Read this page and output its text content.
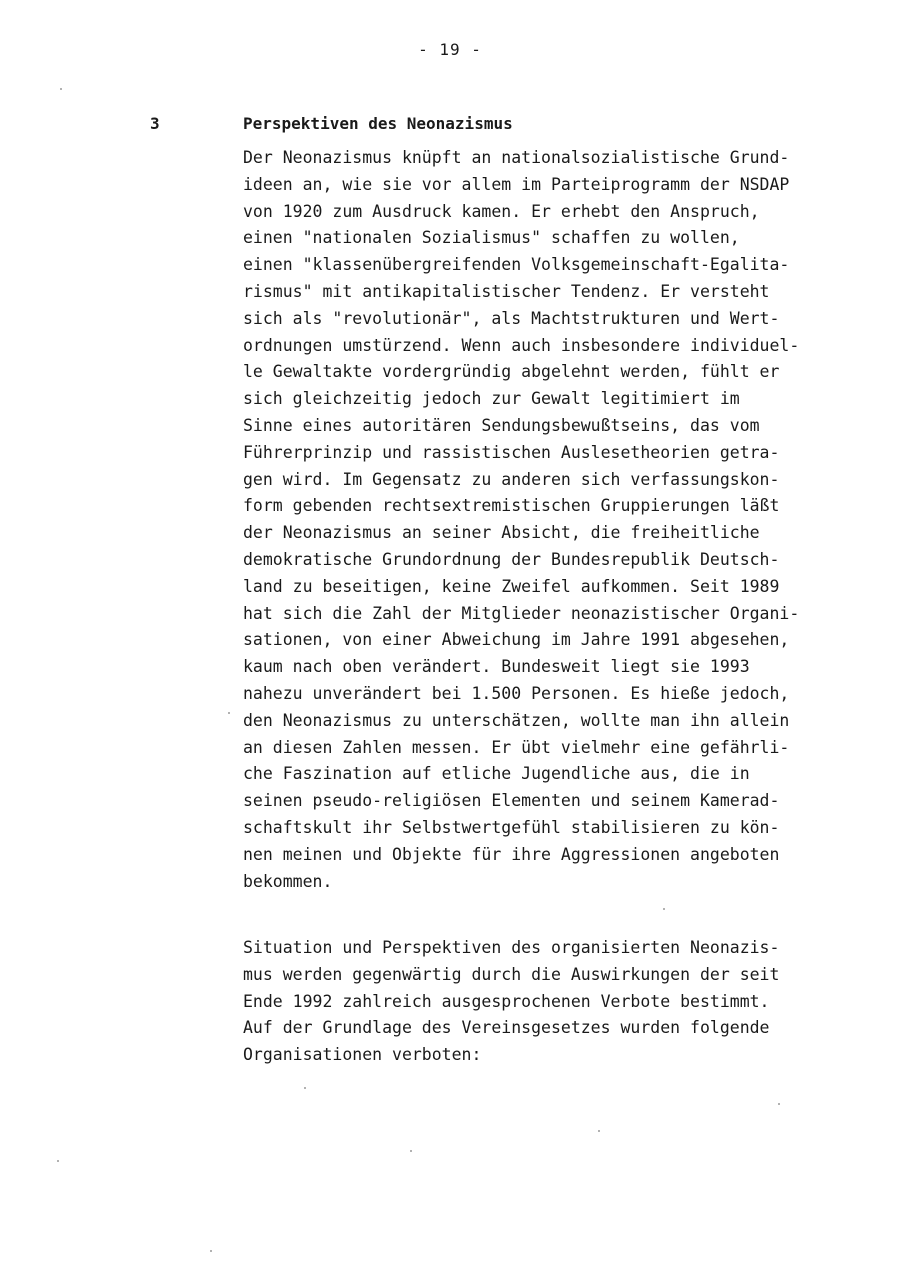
- 19 -
3	Perspektiven des Neonazismus
Der Neonazismus knüpft an nationalsozialistische Grund-
ideen an, wie sie vor allem im Parteiprogramm der NSDAP
von 1920 zum Ausdruck kamen. Er erhebt den Anspruch,
einen "nationalen Sozialismus" schaffen zu wollen,
einen "klassenübergreifenden Volksgemeinschaft-Egalita-
rismus" mit antikapitalistischer Tendenz. Er versteht
sich als "revolutionär", als Machtstrukturen und Wert-
ordnungen umstürzend. Wenn auch insbesondere individuel-
le Gewaltakte vordergründig abgelehnt werden, fühlt er
sich gleichzeitig jedoch zur Gewalt legitimiert im
Sinne eines autoritären Sendungsbewußtseins, das vom
Führerprinzip und rassistischen Auslesetheorien getra-
gen wird. Im Gegensatz zu anderen sich verfassungskon-
form gebenden rechtsextremistischen Gruppierungen läßt
der Neonazismus an seiner Absicht, die freiheitliche
demokratische Grundordnung der Bundesrepublik Deutsch-
land zu beseitigen, keine Zweifel aufkommen. Seit 1989
hat sich die Zahl der Mitglieder neonazistischer Organi-
sationen, von einer Abweichung im Jahre 1991 abgesehen,
kaum nach oben verändert. Bundesweit liegt sie 1993
nahezu unverändert bei 1.500 Personen. Es hieße jedoch,
den Neonazismus zu unterschätzen, wollte man ihn allein
an diesen Zahlen messen. Er übt vielmehr eine gefährli-
che Faszination auf etliche Jugendliche aus, die in
seinen pseudo-religiösen Elementen und seinem Kamerad-
schaftskult ihr Selbstwertgefühl stabilisieren zu kön-
nen meinen und Objekte für ihre Aggressionen angeboten
bekommen.
Situation und Perspektiven des organisierten Neonazis-
mus werden gegenwärtig durch die Auswirkungen der seit
Ende 1992 zahlreich ausgesprochenen Verbote bestimmt.
Auf der Grundlage des Vereinsgesetzes wurden folgende
Organisationen verboten:
